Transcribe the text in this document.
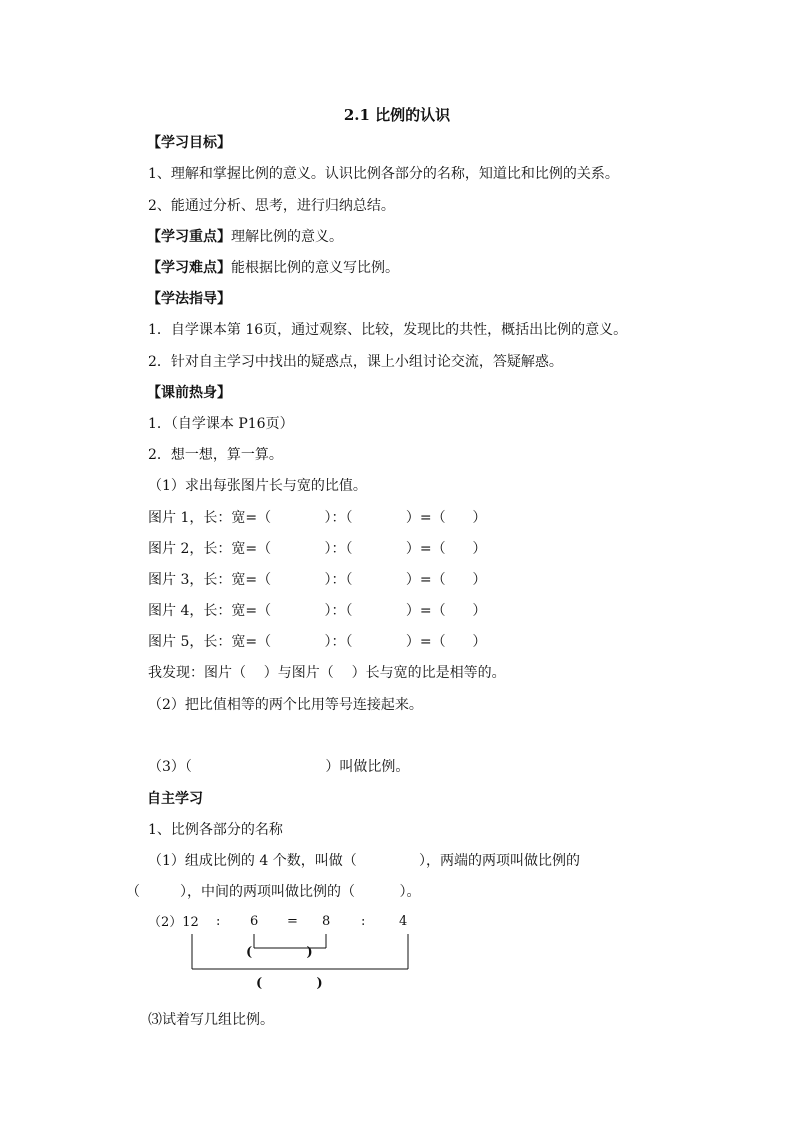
2.1 比例的认识
【学习目标】
1、理解和掌握比例的意义。认识比例各部分的名称，知道比和比例的关系。
2、能通过分析、思考，进行归纳总结。
【学习重点】理解比例的意义。
【学习难点】能根据比例的意义写比例。
【学法指导】
1．自学课本第 16页，通过观察、比较，发现比的共性，概括出比例的意义。
2．针对自主学习中找出的疑惑点，课上小组讨论交流，答疑解惑。
【课前热身】
1．（自学课本 P16页）
2．想一想，算一算。
（1）求出每张图片长与宽的比值。
图片 1，长：宽=（            ）：（            ）=（      ）
图片 2，长：宽=（            ）：（            ）=（      ）
图片 3，长：宽=（            ）：（            ）=（      ）
图片 4，长：宽=（            ）：（            ）=（      ）
图片 5，长：宽=（            ）：（            ）=（      ）
我发现：图片（    ）与图片（    ）长与宽的比是相等的。
（2）把比值相等的两个比用等号连接起来。
（3）（                              ）叫做比例。
自主学习
1、比例各部分的名称
（1）组成比例的 4 个数，叫做（              ），两端的两项叫做比例的
（         ），中间的两项叫做比例的（          ）。
（2）12 : 6 = 8 :	4
(            )
(            )
⑶试着写几组比例。
